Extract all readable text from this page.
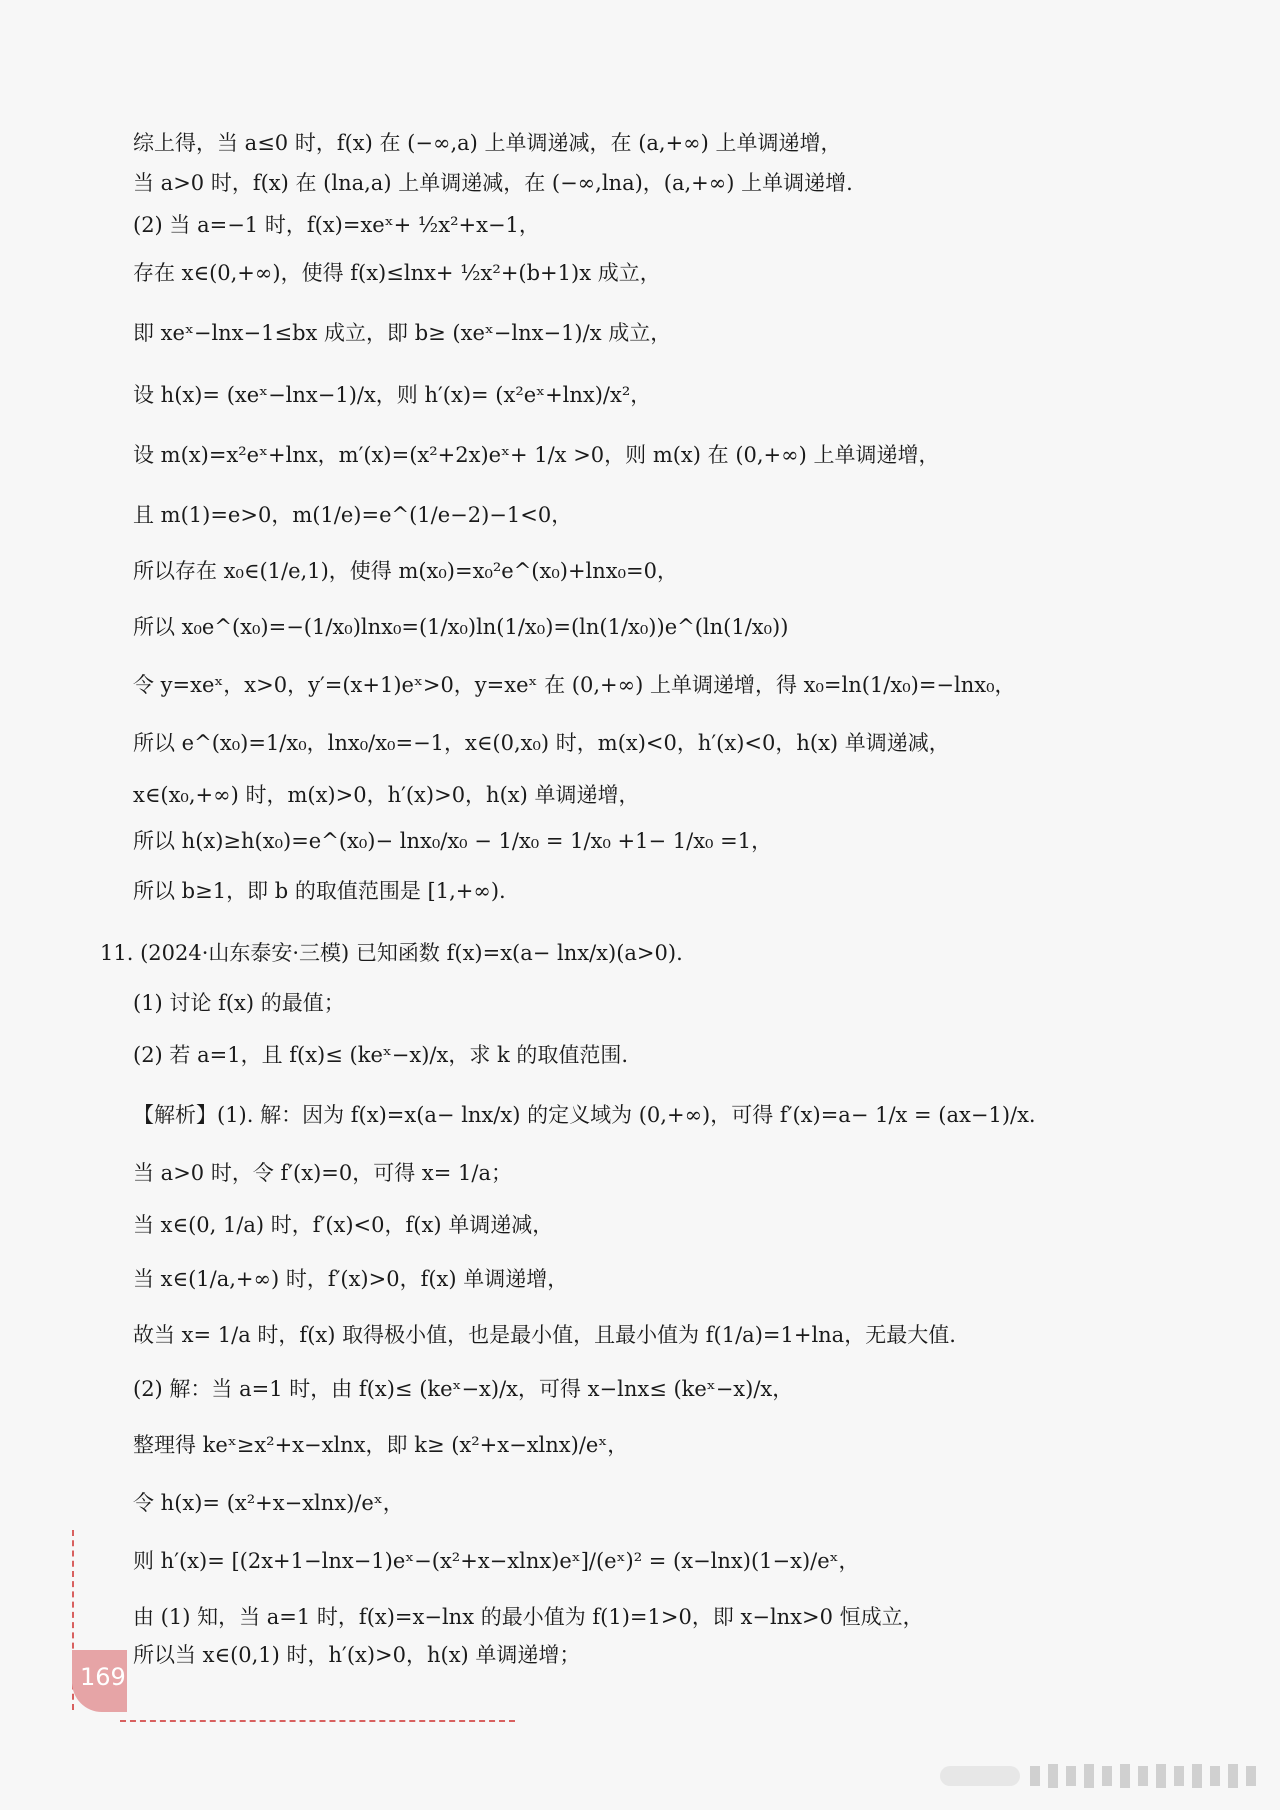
综上得，当 a≤0 时，f(x) 在 (−∞,a) 上单调递减，在 (a,+∞) 上单调递增，
当 a>0 时，f(x) 在 (lna,a) 上单调递减，在 (−∞,lna)，(a,+∞) 上单调递增.
(2) 当 a=−1 时，f(x)=xeˣ+ ½x²+x−1，
存在 x∈(0,+∞)，使得 f(x)≤lnx+ ½x²+(b+1)x 成立，
即 xeˣ−lnx−1≤bx 成立，即 b≥ (xeˣ−lnx−1)/x 成立，
设 h(x)= (xeˣ−lnx−1)/x，则 h′(x)= (x²eˣ+lnx)/x²，
设 m(x)=x²eˣ+lnx，m′(x)=(x²+2x)eˣ+ 1/x >0，则 m(x) 在 (0,+∞) 上单调递增，
且 m(1)=e>0，m(1/e)=e^(1/e−2)−1<0，
所以存在 x₀∈(1/e,1)，使得 m(x₀)=x₀²e^(x₀)+lnx₀=0，
所以 x₀e^(x₀)=−(1/x₀)lnx₀=(1/x₀)ln(1/x₀)=(ln(1/x₀))e^(ln(1/x₀))
令 y=xeˣ，x>0，y′=(x+1)eˣ>0，y=xeˣ 在 (0,+∞) 上单调递增，得 x₀=ln(1/x₀)=−lnx₀，
所以 e^(x₀)=1/x₀，lnx₀/x₀=−1，x∈(0,x₀) 时，m(x)<0，h′(x)<0，h(x) 单调递减，
x∈(x₀,+∞) 时，m(x)>0，h′(x)>0，h(x) 单调递增，
所以 h(x)≥h(x₀)=e^(x₀)− lnx₀/x₀ − 1/x₀ = 1/x₀ +1− 1/x₀ =1，
所以 b≥1，即 b 的取值范围是 [1,+∞).
11. (2024·山东泰安·三模) 已知函数 f(x)=x(a− lnx/x)(a>0).
(1) 讨论 f(x) 的最值；
(2) 若 a=1，且 f(x)≤ (keˣ−x)/x，求 k 的取值范围.
【解析】(1). 解：因为 f(x)=x(a− lnx/x) 的定义域为 (0,+∞)，可得 f′(x)=a− 1/x = (ax−1)/x.
当 a>0 时，令 f′(x)=0，可得 x= 1/a；
当 x∈(0, 1/a) 时，f′(x)<0，f(x) 单调递减，
当 x∈(1/a,+∞) 时，f′(x)>0，f(x) 单调递增，
故当 x= 1/a 时，f(x) 取得极小值，也是最小值，且最小值为 f(1/a)=1+lna，无最大值.
(2) 解：当 a=1 时，由 f(x)≤ (keˣ−x)/x，可得 x−lnx≤ (keˣ−x)/x，
整理得 keˣ≥x²+x−xlnx，即 k≥ (x²+x−xlnx)/eˣ，
令 h(x)= (x²+x−xlnx)/eˣ，
则 h′(x)= [(2x+1−lnx−1)eˣ−(x²+x−xlnx)eˣ]/(eˣ)² = (x−lnx)(1−x)/eˣ，
由 (1) 知，当 a=1 时，f(x)=x−lnx 的最小值为 f(1)=1>0，即 x−lnx>0 恒成立，
所以当 x∈(0,1) 时，h′(x)>0，h(x) 单调递增；
169
